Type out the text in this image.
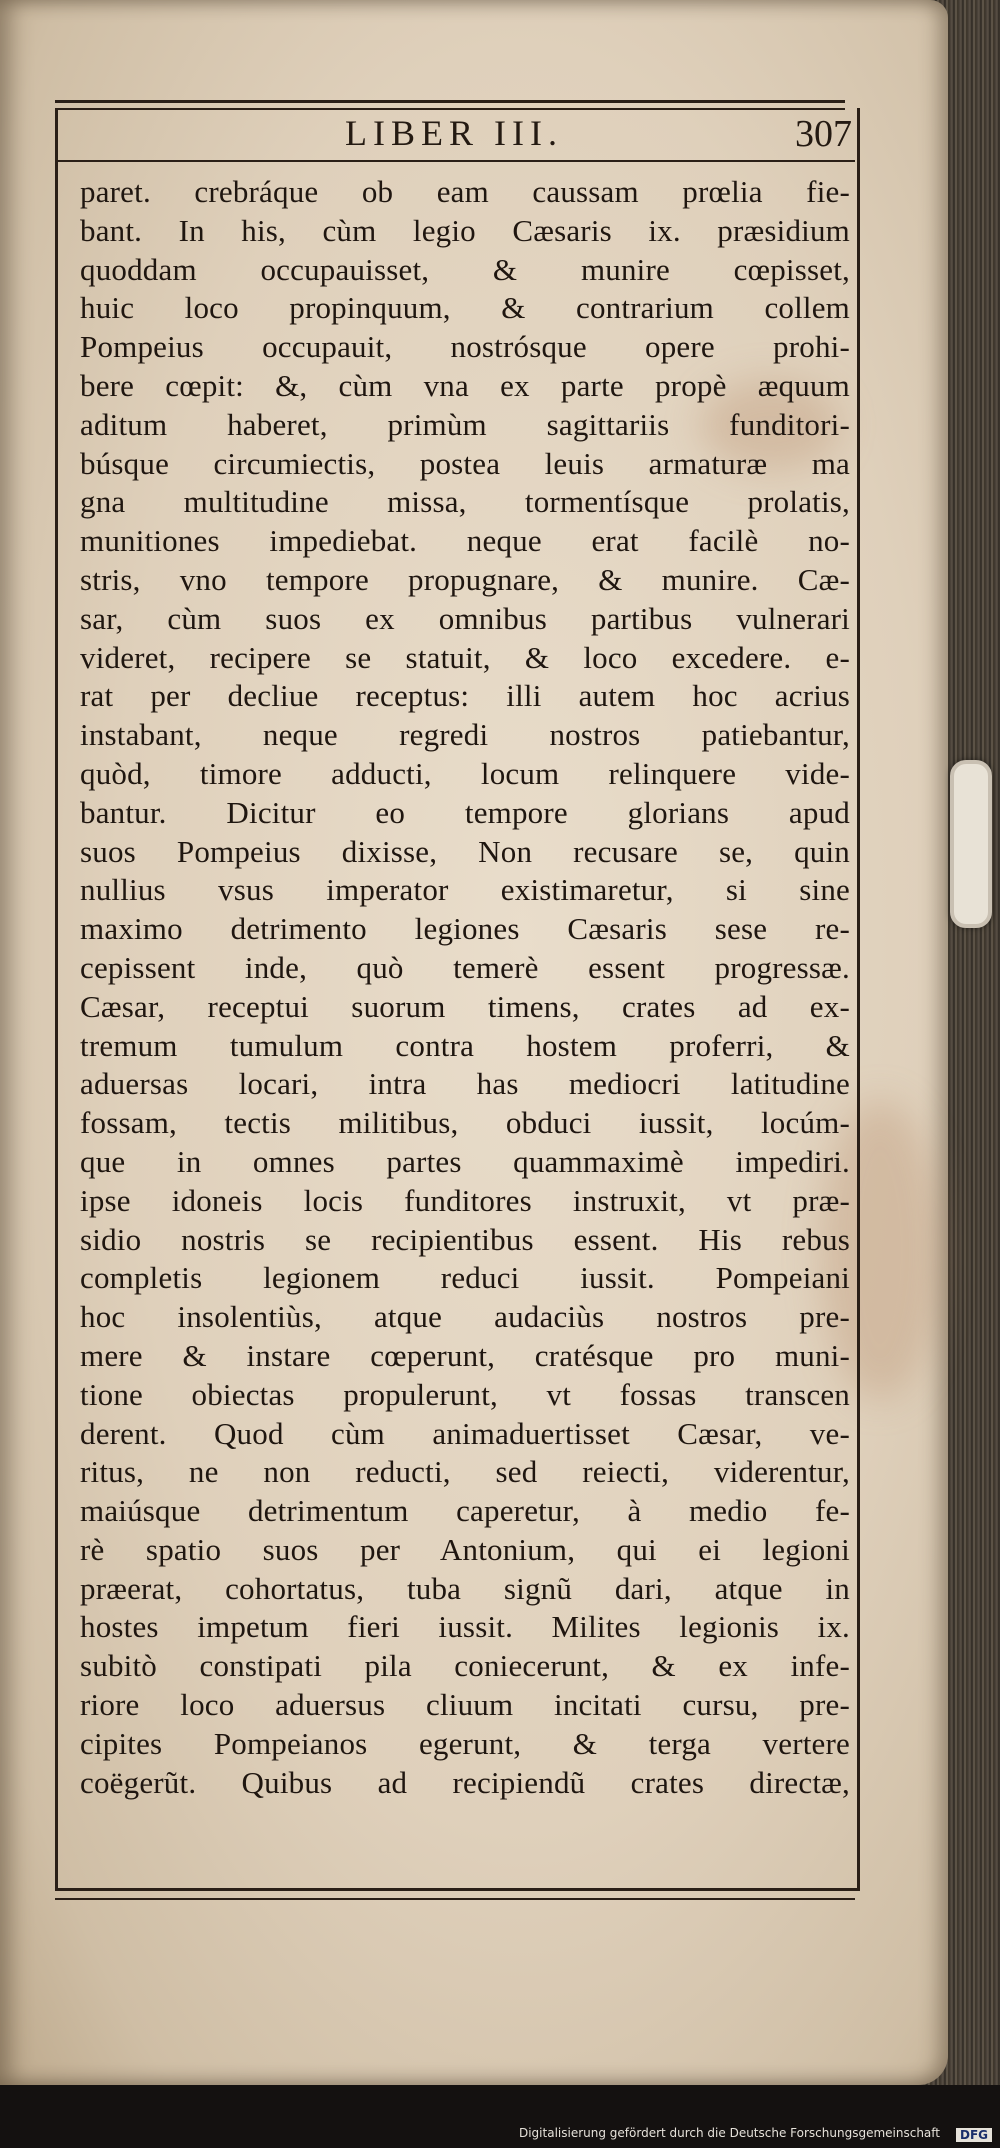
LIBER III.	307
paret. crebráque ob eam caussam prœlia fie-
bant. In his, cùm legio Cæsaris ix. præsidium
quoddam occupauisset, & munire cœpisset,
huic loco propinquum, & contrarium collem
Pompeius occupauit, nostrósque opere prohi-
bere cœpit: &, cùm vna ex parte propè æquum
aditum haberet, primùm sagittariis funditori-
búsque circumiectis, postea leuis armaturæ ma
gna multitudine missa, tormentísque prolatis,
munitiones impediebat. neque erat facilè no-
stris, vno tempore propugnare, & munire. Cæ-
sar, cùm suos ex omnibus partibus vulnerari
videret, recipere se statuit, & loco excedere. e-
rat per decliue receptus: illi autem hoc acrius
instabant, neque regredi nostros patiebantur,
quòd, timore adducti, locum relinquere vide-
bantur. Dicitur eo tempore glorians apud
suos Pompeius dixisse, Non recusare se, quin
nullius vsus imperator existimaretur, si sine
maximo detrimento legiones Cæsaris sese re-
cepissent inde, quò temerè essent progressæ.
Cæsar, receptui suorum timens, crates ad ex-
tremum tumulum contra hostem proferri, &
aduersas locari, intra has mediocri latitudine
fossam, tectis militibus, obduci iussit, locúm-
que in omnes partes quammaximè impediri.
ipse idoneis locis funditores instruxit, vt præ-
sidio nostris se recipientibus essent. His rebus
completis legionem reduci iussit. Pompeiani
hoc insolentiùs, atque audaciùs nostros pre-
mere & instare cœperunt, cratésque pro muni-
tione obiectas propulerunt, vt fossas transcen
derent. Quod cùm animaduertisset Cæsar, ve-
ritus, ne non reducti, sed reiecti, viderentur,
maiúsque detrimentum caperetur, à medio fe-
rè spatio suos per Antonium, qui ei legioni
præerat, cohortatus, tuba signũ dari, atque in
hostes impetum fieri iussit. Milites legionis ix.
subitò constipati pila coniecerunt, & ex infe-
riore loco aduersus cliuum incitati cursu, pre-
cipites Pompeianos egerunt, & terga vertere
coëgerũt. Quibus ad recipiendũ crates directæ,
Digitalisierung gefördert durch die Deutsche Forschungsgemeinschaft	DFG
